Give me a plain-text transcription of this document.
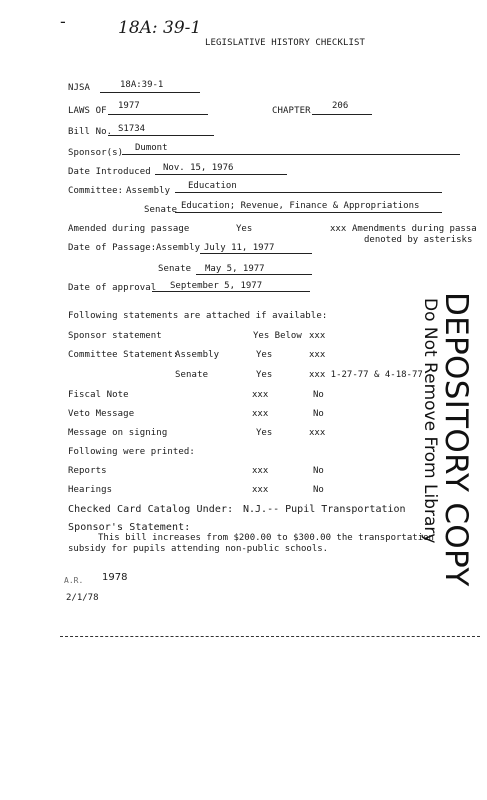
-	18A: 39-1
LEGISLATIVE HISTORY CHECKLIST
NJSA	18A:39-1
LAWS OF 1977	CHAPTER 206
Bill No. S1734
Sponsor(s) Dumont
Date Introduced Nov. 15, 1976
Committee: Assembly Education
Senate Education; Revenue, Finance & Appropriations
Amended during passage	Yes	xxx Amendments during passa
denoted by asterisks
Date of Passage: Assembly July 11, 1977
Senate May 5, 1977
Date of approval September 5, 1977
Following statements are attached if available:
Sponsor statement	Yes Below xxx
Committee Statement:
Assembly	Yes	xxx
Senate	Yes	xxx 1-27-77 & 4-18-77
Fiscal Note	xxx	No
Veto Message	xxx	No
Message on signing	Yes	xxx
Following were printed:
Reports	xxx	No
Hearings	xxx	No
Checked Card Catalog Under: N.J.-- Pupil Transportation
Sponsor's Statement:
This bill increases from $200.00 to $300.00 the transportation
subsidy for pupils attending non-public schools.
A.R. 1978
2/1/78
DEPOSITORY COPY
Do Not Remove From Library
